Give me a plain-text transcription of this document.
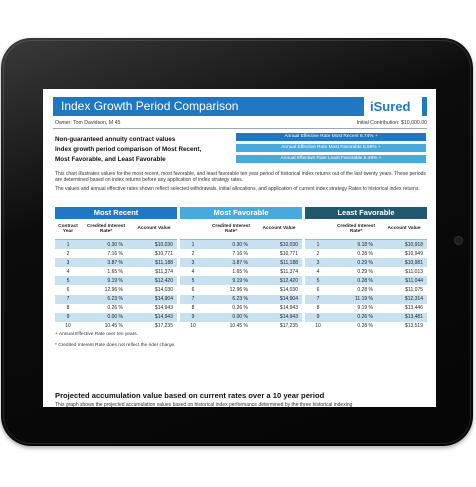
Index Growth Period Comparison	iSured
Owner: Tom Davidson, M 45	Initial Contribution: $10,000.00
Non-guaranteed annuity contract values
Index growth period comparison of Most Recent,
Most Favorable, and Least Favorable
Annual Effective Rate Most Recent 6.74% +
Annual Effective Rate Most Favorable 5.59% +
Annual Effective Rate Least Favorable 5.49% +

This chart illustrates values for the most recent, most favorable, and least favorable ten year period of historical index returns out of the last twenty years. These periods are determined based on index returns before any application of index strategy rates.

The values and annual effective rates shown reflect selected withdrawals, initial allocations, and application of current index strategy Rates to historical index returns.

Most Recent
Contract Year
Credited Interest Rate*
Account Value
1	0.30 %	$10,030
2	7.16 %	$10,771
3	3.87 %	$11,188
4	1.65 %	$11,374
5	9.19 %	$12,420
6	12.96 %	$14,030
7	6.23 %	$14,904
8	0.26 %	$14,943
9	0.00 %	$14,943
10	10.45 %	$17,235
Most Favorable
Credited Interest Rate*
Account Value
1	0.30 %	$10,030
2	7.16 %	$10,771
3	3.87 %	$11,188
4	1.65 %	$11,374
5	9.19 %	$12,420
6	12.96 %	$14,030
7	6.23 %	$14,904
8	0.26 %	$14,943
9	0.00 %	$14,943
10	10.45 %	$17,235
Least Favorable
Credited Interest Rate*
Account Value
1	9.18 %	$10,918
2	0.28 %	$10,949
3	0.29 %	$10,981
4	0.29 %	$11,013
5	0.28 %	$11,044
6	0.28 %	$11,075
7	11.19 %	$12,314
8	9.19 %	$13,446
9	0.26 %	$13,481
10	0.28 %	$13,519
+ Annual Effective Rate over ten years.
* Credited Interest Rate does not reflect the rider charge.
Projected accumulation value based on current rates over a 10 year period
This graph shows the projected accumulation values based on historical index performance determined by the three historical indexing
